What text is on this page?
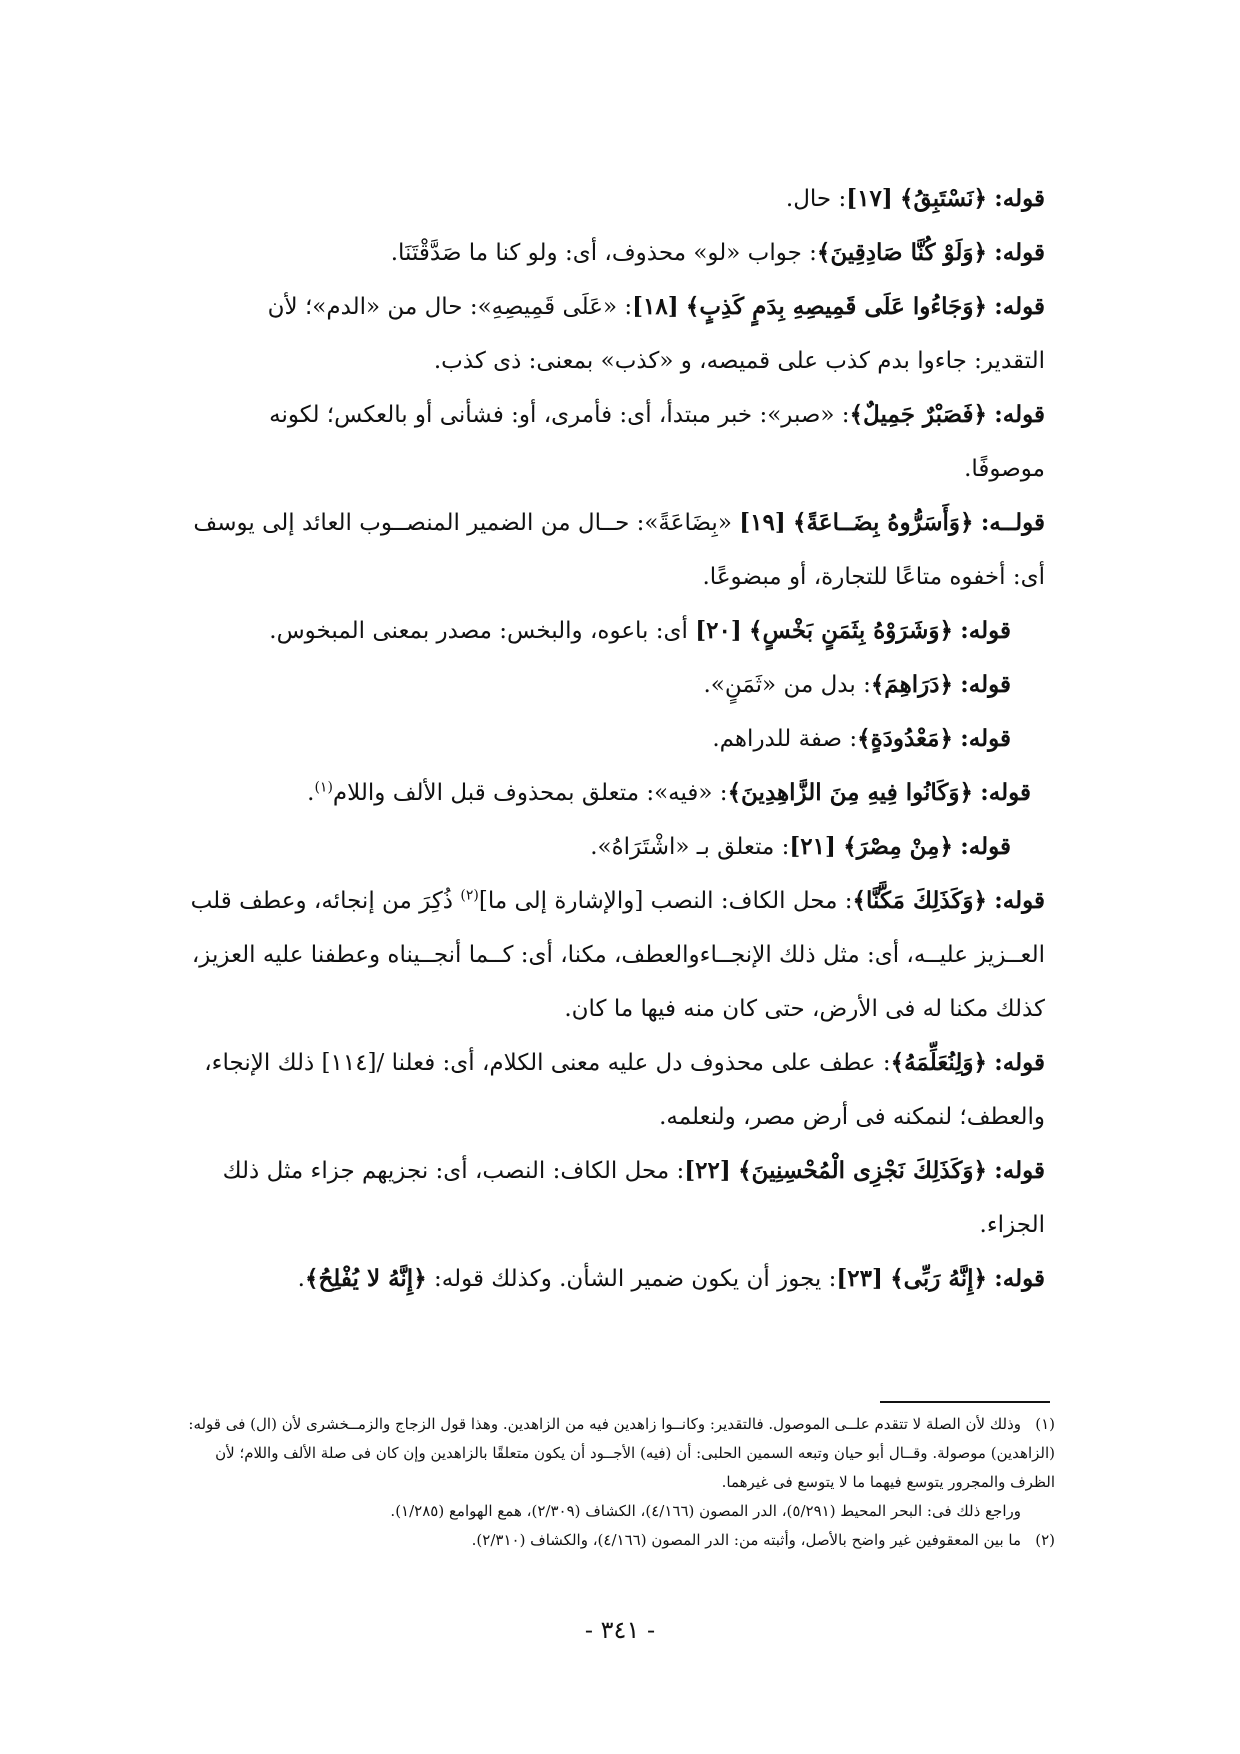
قوله: ﴿نَسْتَبِقُ﴾ [١٧]: حال.
قوله: ﴿وَلَوْ كُنَّا صَادِقِينَ﴾: جواب «لو» محذوف، أى: ولو كنا ما صَدَّقْتَنَا.
قوله: ﴿وَجَاءُوا عَلَى قَمِيصِهِ بِدَمٍ كَذِبٍ﴾ [١٨]: «عَلَى قَمِيصِهِ»: حال من «الدم»؛ لأن التقدير: جاءوا بدم كذب على قميصه، و «كذب» بمعنى: ذى كذب.
قوله: ﴿فَصَبْرٌ جَمِيلٌ﴾: «صبر»: خبر مبتدأ، أى: فأمرى، أو: فشأنى أو بالعكس؛ لكونه موصوفًا.
قولــه: ﴿وَأَسَرُّوهُ بِضَــاعَةً﴾ [١٩] «بِضَاعَةً»: حــال من الضمير المنصــوب العائد إلى يوسف أى: أخفوه متاعًا للتجارة، أو مبضوعًا.
قوله: ﴿وَشَرَوْهُ بِثَمَنٍ بَخْسٍ﴾ [٢٠] أى: باعوه، والبخس: مصدر بمعنى المبخوس.
قوله: ﴿دَرَاهِمَ﴾: بدل من «ثَمَنٍ».
قوله: ﴿مَعْدُودَةٍ﴾: صفة للدراهم.
قوله: ﴿وَكَانُوا فِيهِ مِنَ الزَّاهِدِينَ﴾: «فيه»: متعلق بمحذوف قبل الألف واللام$^{(١)}$.
قوله: ﴿مِنْ مِصْرَ﴾ [٢١]: متعلق بـ «اشْتَرَاهُ».
قوله: ﴿وَكَذَلِكَ مَكَّنَّا﴾: محل الكاف: النصب [والإشارة إلى ما]$^{(٢)}$ ذُكِرَ من إنجائه، وعطف قلب العــزيز عليــه، أى: مثل ذلك الإنجــاءوالعطف، مكنا، أى: كــما أنجــيناه وعطفنا عليه العزيز، كذلك مكنا له فى الأرض، حتى كان منه فيها ما كان.
قوله: ﴿وَلِنُعَلِّمَهُ﴾: عطف على محذوف دل عليه معنى الكلام، أى: فعلنا /[١١٤] ذلك الإنجاء، والعطف؛ لنمكنه فى أرض مصر، ولنعلمه.
قوله: ﴿وَكَذَلِكَ نَجْزِى الْمُحْسِنِينَ﴾ [٢٢]: محل الكاف: النصب، أى: نجزيهم جزاء مثل ذلك الجزاء.
قوله: ﴿إِنَّهُ رَبِّى﴾ [٢٣]: يجوز أن يكون ضمير الشأن. وكذلك قوله: ﴿إِنَّهُ لا يُفْلِحُ﴾.
(١)وذلك لأن الصلة لا تتقدم علــى الموصول. فالتقدير: وكانــوا زاهدين فيه من الزاهدين. وهذا قول الزجاج والزمــخشرى لأن (ال) فى قوله: (الزاهدين) موصولة. وقــال أبو حيان وتبعه السمين الحلبى: أن (فيه) الأجــود أن يكون متعلقًا بالزاهدين وإن كان فى صلة الألف واللام؛ لأن الظرف والمجرور يتوسع فيهما ما لا يتوسع فى غيرهما.
وراجع ذلك فى: البحر المحيط (٥/٢٩١)، الدر المصون (٤/١٦٦)، الكشاف (٢/٣٠٩)، همع الهوامع (١/٢٨٥).
(٢)ما بين المعقوفين غير واضح بالأصل، وأثبته من: الدر المصون (٤/١٦٦)، والكشاف (٢/٣١٠).
- ٣٤١ -
